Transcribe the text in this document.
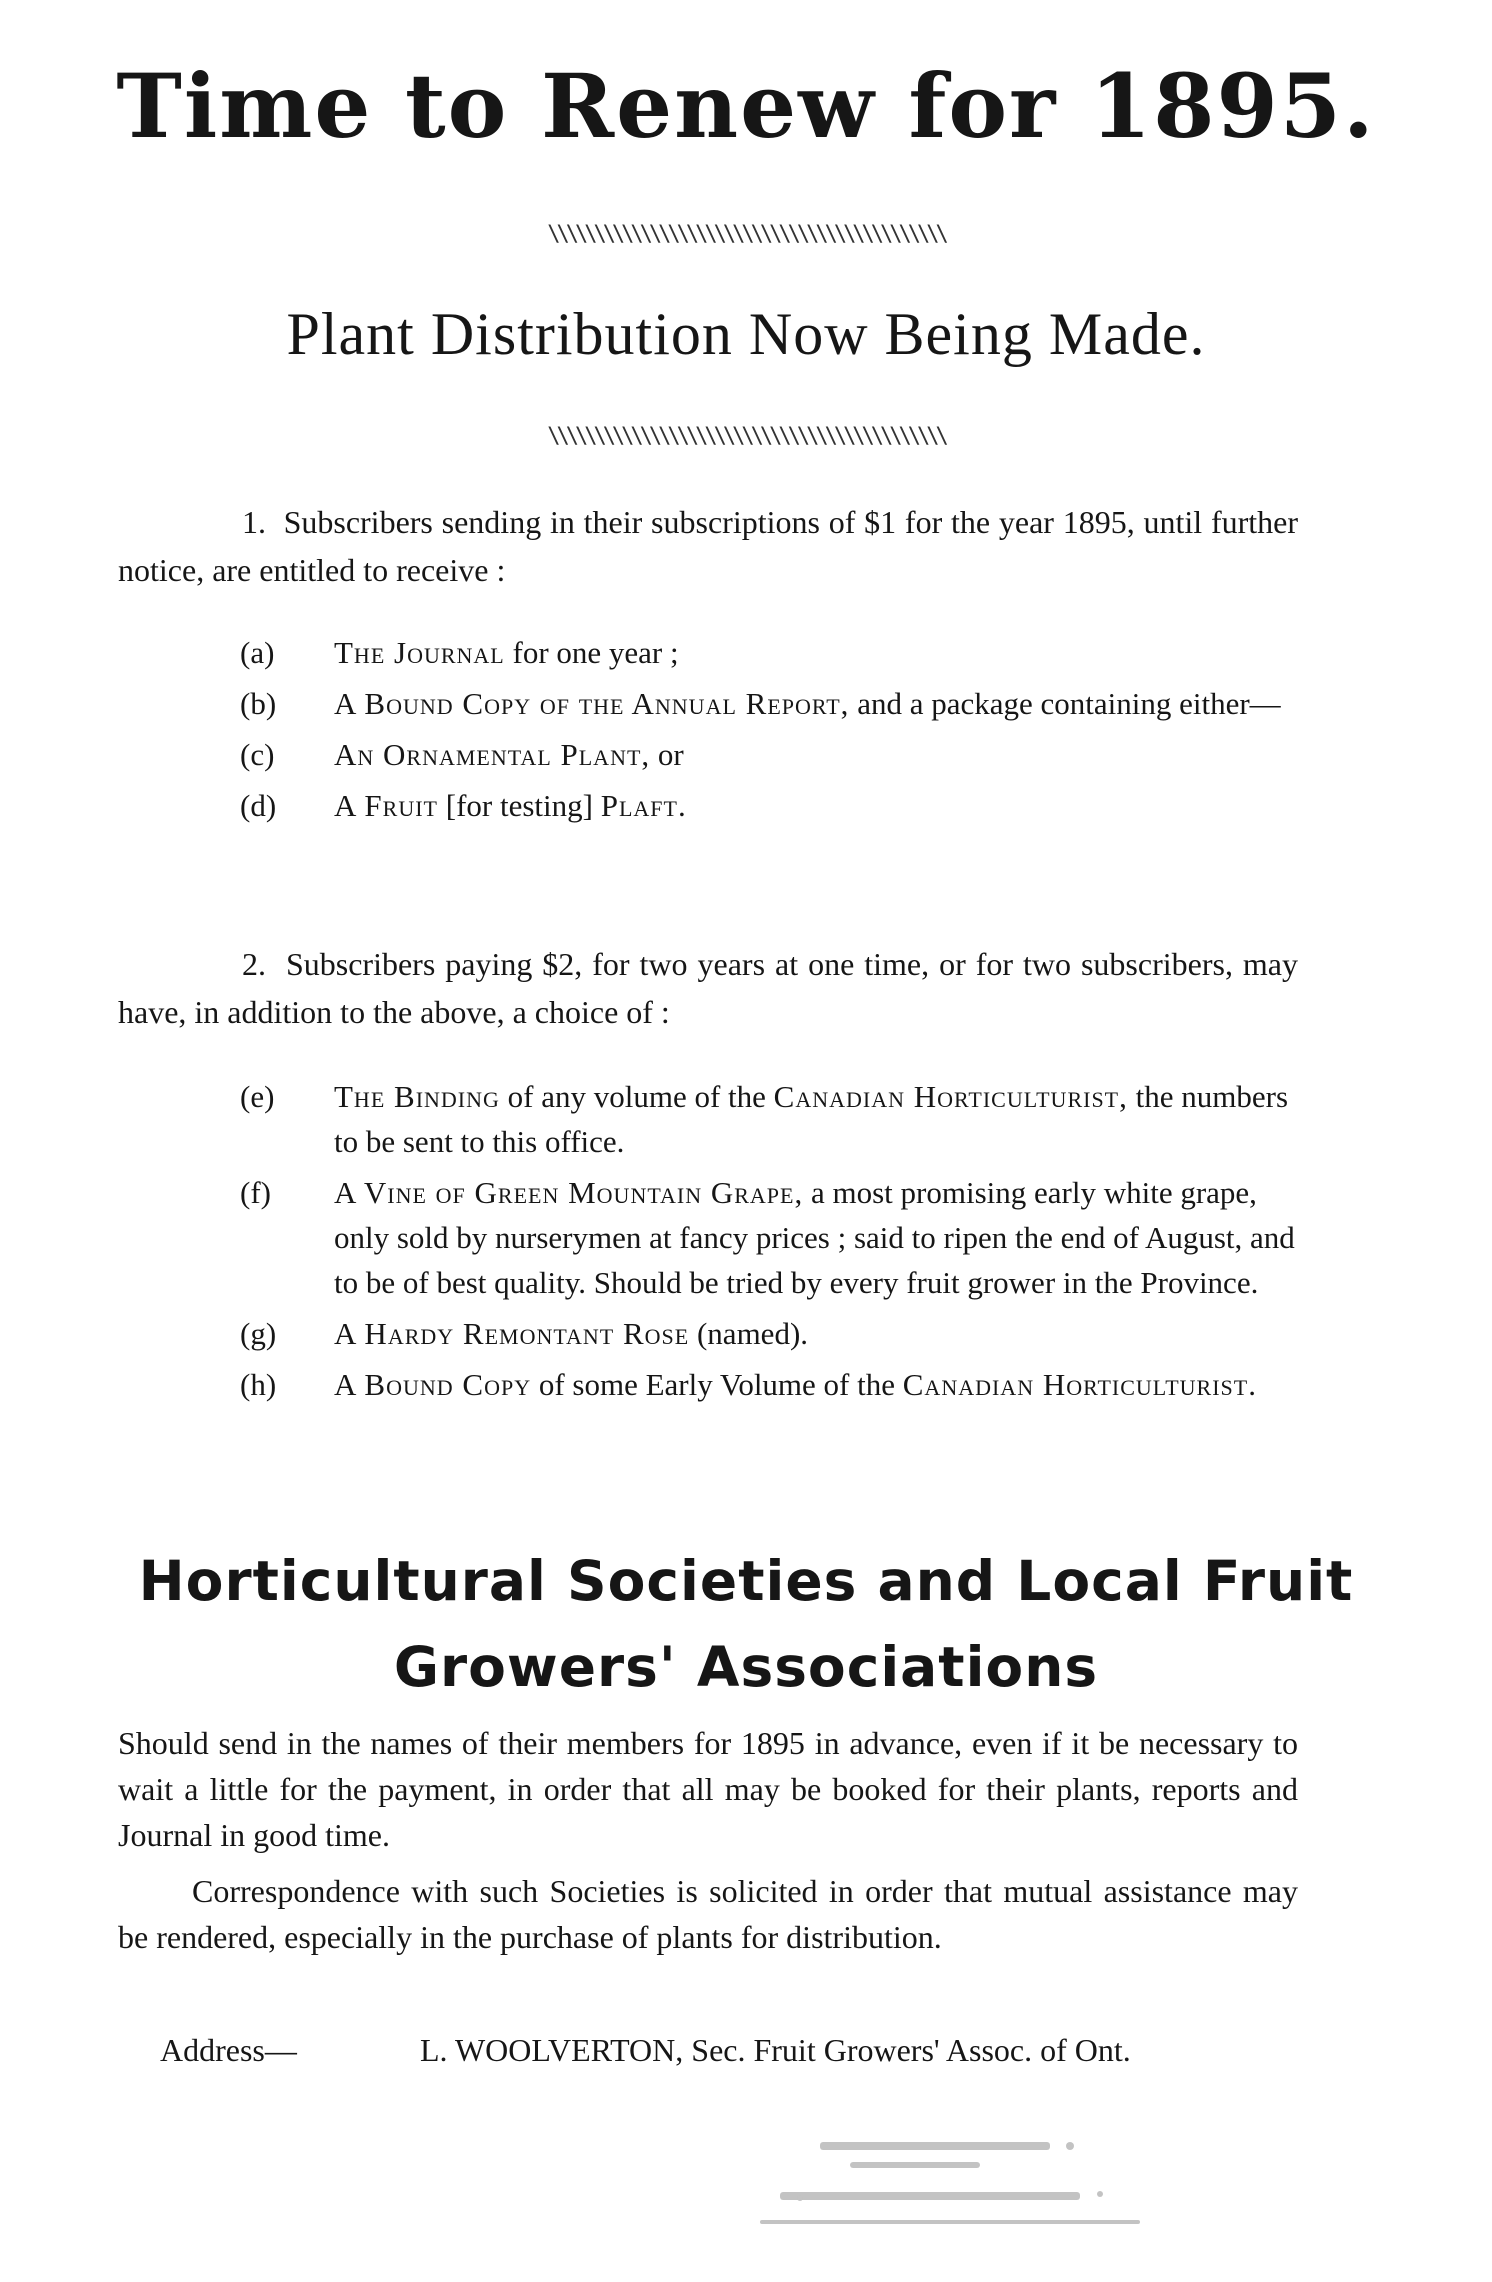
Time to Renew for 1895.
\\\\\\\\\\\\\\\\\\\\\\\\\\\\\\\\\\\\\\\\\\\
Plant Distribution Now Being Made.
\\\\\\\\\\\\\\\\\\\\\\\\\\\\\\\\\\\\\\\\\\\

1. Subscribers sending in their subscriptions of $1 for the year 1895, until further notice, are entitled to receive :

(a) The Journal for one year ;
(b) A Bound Copy of the Annual Report, and a package containing either—
(c) An Ornamental Plant, or
(d) A Fruit [for testing] Plaft.

2. Subscribers paying $2, for two years at one time, or for two subscribers, may have, in addition to the above, a choice of :

(e) The Binding of any volume of the Canadian Horticulturist, the numbers to be sent to this office.
(f) A Vine of Green Mountain Grape, a most promising early white grape, only sold by nurserymen at fancy prices ; said to ripen the end of August, and to be of best quality. Should be tried by every fruit grower in the Province.
(g) A Hardy Remontant Rose (named).
(h) A Bound Copy of some Early Volume of the Canadian Horticulturist.
Horticultural Societies and Local Fruit
Growers' Associations
Should send in the names of their members for 1895 in advance, even if it be necessary to wait a little for the payment, in order that all may be booked for their plants, reports and Journal in good time.
Correspondence with such Societies is solicited in order that mutual assistance may be rendered, especially in the purchase of plants for distribution.
Address—	L. WOOLVERTON, Sec. Fruit Growers' Assoc. of Ont.
